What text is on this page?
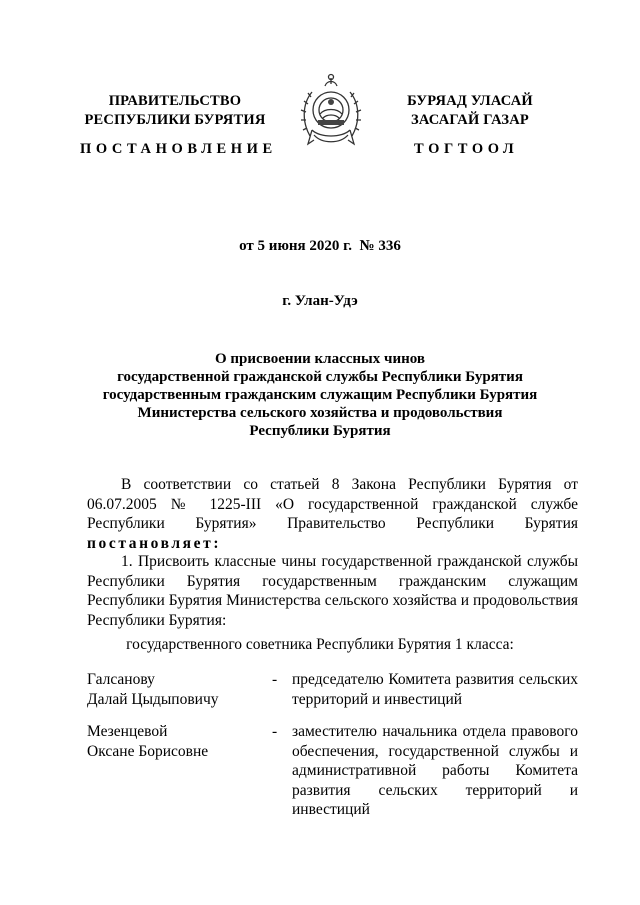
ПРАВИТЕЛЬСТВО
РЕСПУБЛИКИ БУРЯТИЯ
БУРЯАД УЛАСАЙ
ЗАСАГАЙ ГАЗАР
ПОСТАНОВЛЕНИЕ	ТОГТООЛ
от 5 июня 2020 г.  № 336
г. Улан-Удэ
О присвоении классных чинов
государственной гражданской службы Республики Бурятия
государственным гражданским служащим Республики Бурятия
Министерства сельского хозяйства и продовольствия
Республики Бурятия
В соответствии со статьей 8 Закона Республики Бурятия от 06.07.2005 № 1225-III «О государственной гражданской службе Республики Бурятия» Правительство Республики Бурятия постановляет:
1. Присвоить классные чины государственной гражданской службы Республики Бурятия государственным гражданским служащим Республики Бурятия Министерства сельского хозяйства и продовольствия Республики Бурятия:
государственного советника Республики Бурятия 1 класса:
Галсанову
Далай Цыдыповичу
- председателю Комитета развития сельских территорий и инвестиций
Мезенцевой
Оксане Борисовне
- заместителю начальника отдела правового обеспечения, государственной службы и административной работы Комитета развития сельских территорий и инвестиций
